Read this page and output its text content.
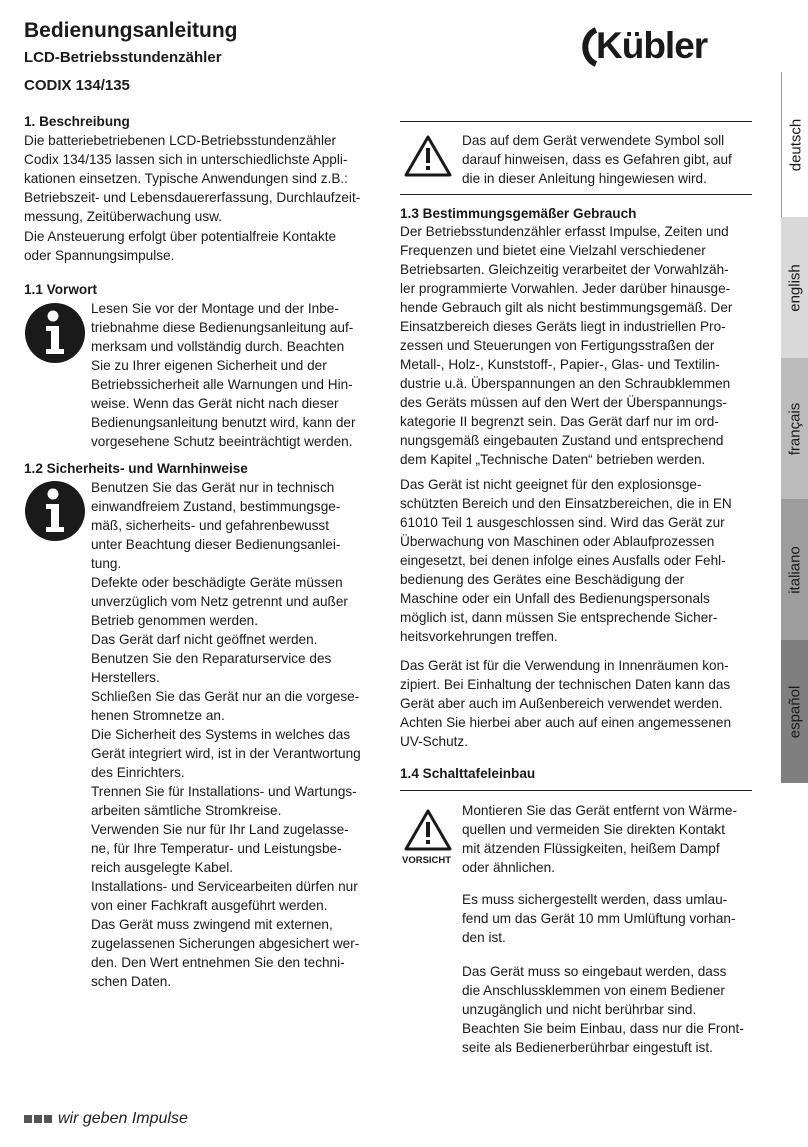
Bedienungsanleitung
LCD-Betriebsstundenzähler
CODIX 134/135
Kübler
1. Beschreibung

Die batteriebetriebenen LCD-Betriebsstundenzähler

Codix 134/135 lassen sich in unterschiedlichste Appli-

kationen einsetzen. Typische Anwendungen sind z.B.:

Betriebszeit- und Lebensdauererfassung, Durchlaufzeit-

messung, Zeitüberwachung usw.

Die Ansteuerung erfolgt über potentialfreie Kontakte

oder Spannungsimpulse.

1.1 Vorwort

Lesen Sie vor der Montage und der Inbe-

triebnahme diese Bedienungsanleitung auf-

merksam und vollständig durch. Beachten

Sie zu Ihrer eigenen Sicherheit und der

Betriebssicherheit alle Warnungen und Hin-

weise. Wenn das Gerät nicht nach dieser

Bedienungsanleitung benutzt wird, kann der

vorgesehene Schutz beeinträchtigt werden.

1.2 Sicherheits- und Warnhinweise

Benutzen Sie das Gerät nur in technisch

einwandfreiem Zustand, bestimmungsge-

mäß, sicherheits- und gefahrenbewusst

unter Beachtung dieser Bedienungsanlei-

tung.

Defekte oder beschädigte Geräte müssen

unverzüglich vom Netz getrennt und außer

Betrieb genommen werden.

Das Gerät darf nicht geöffnet werden.

Benutzen Sie den Reparaturservice des

Herstellers.

Schließen Sie das Gerät nur an die vorgese-

henen Stromnetze an.

Die Sicherheit des Systems in welches das

Gerät integriert wird, ist in der Verantwortung

des Einrichters.

Trennen Sie für Installations- und Wartungs-

arbeiten sämtliche Stromkreise.

Verwenden Sie nur für Ihr Land zugelasse-

ne, für Ihre Temperatur- und Leistungsbe-

reich ausgelegte Kabel.

Installations- und Servicearbeiten dürfen nur

von einer Fachkraft ausgeführt werden.

Das Gerät muss zwingend mit externen,

zugelassenen Sicherungen abgesichert wer-

den. Den Wert entnehmen Sie den techni-

schen Daten.

Das auf dem Gerät verwendete Symbol soll

darauf hinweisen, dass es Gefahren gibt, auf

die in dieser Anleitung hingewiesen wird.

1.3 Bestimmungsgemäßer Gebrauch

Der Betriebsstundenzähler erfasst Impulse, Zeiten und

Frequenzen und bietet eine Vielzahl verschiedener

Betriebsarten. Gleichzeitig verarbeitet der Vorwahlzäh-

ler programmierte Vorwahlen. Jeder darüber hinausge-

hende Gebrauch gilt als nicht bestimmungsgemäß. Der

Einsatzbereich dieses Geräts liegt in industriellen Pro-

zessen und Steuerungen von Fertigungsstraßen der

Metall-, Holz-, Kunststoff-, Papier-, Glas- und Textilin-

dustrie u.ä. Überspannungen an den Schraubklemmen

des Geräts müssen auf den Wert der Überspannungs-

kategorie II begrenzt sein. Das Gerät darf nur im ord-

nungsgemäß eingebauten Zustand und entsprechend

dem Kapitel „Technische Daten“ betrieben werden.

Das Gerät ist nicht geeignet für den explosionsge-

schützten Bereich und den Einsatzbereichen, die in EN

61010 Teil 1 ausgeschlossen sind. Wird das Gerät zur

Überwachung von Maschinen oder Ablaufprozessen

eingesetzt, bei denen infolge eines Ausfalls oder Fehl-

bedienung des Gerätes eine Beschädigung der

Maschine oder ein Unfall des Bedienungspersonals

möglich ist, dann müssen Sie entsprechende Sicher-

heitsvorkehrungen treffen.

Das Gerät ist für die Verwendung in Innenräumen kon-

zipiert. Bei Einhaltung der technischen Daten kann das

Gerät aber auch im Außenbereich verwendet werden.

Achten Sie hierbei aber auch auf einen angemessenen

UV-Schutz.

1.4 Schalttafeleinbau
VORSICHT

Montieren Sie das Gerät entfernt von Wärme-

quellen und vermeiden Sie direkten Kontakt

mit ätzenden Flüssigkeiten, heißem Dampf

oder ähnlichen.

Es muss sichergestellt werden, dass umlau-

fend um das Gerät 10 mm Umlüftung vorhan-

den ist.

Das Gerät muss so eingebaut werden, dass

die Anschlussklemmen von einem Bediener

unzugänglich und nicht berührbar sind.

Beachten Sie beim Einbau, dass nur die Front-

seite als Bedienerberührbar eingestuft ist.

deutsch
english
français
italiano
español
wir geben Impulse
